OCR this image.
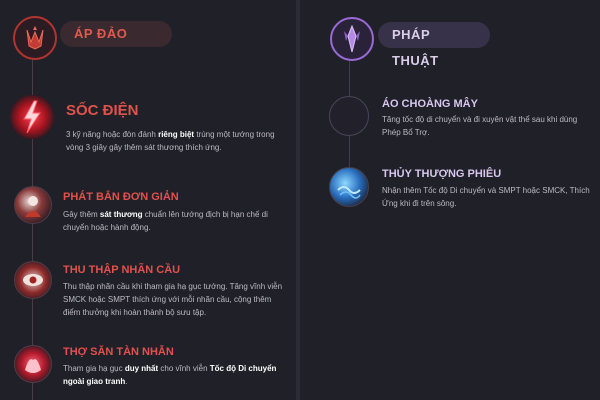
ÁP ĐẢO
SỐC ĐIỆN
3 kỹ năng hoặc đòn đánh riêng biệt trúng một tướng trong vòng 3 giây gây thêm sát thương thích ứng.
PHÁT BẮN ĐƠN GIẢN
Gây thêm sát thương chuẩn lên tướng địch bị hạn chế di chuyển hoặc hành động.
THU THẬP NHÃN CẦU
Thu thập nhãn cầu khi tham gia hạ gục tướng. Tăng vĩnh viễn SMCK hoặc SMPT thích ứng với mỗi nhãn cầu, cộng thêm điểm thưởng khi hoàn thành bộ sưu tập.
THỢ SĂN TÀN NHẪN
Tham gia hạ gục duy nhất cho vĩnh viễn Tốc độ Di chuyển ngoài giao tranh.
PHÁP THUẬT
ÁO CHOÀNG MÂY
Tăng tốc độ di chuyển và đi xuyên vật thể sau khi dùng Phép Bổ Trợ.
THỦY THƯỢNG PHIÊU
Nhận thêm Tốc độ Di chuyển và SMPT hoặc SMCK, Thích Ứng khi đi trên sông.
